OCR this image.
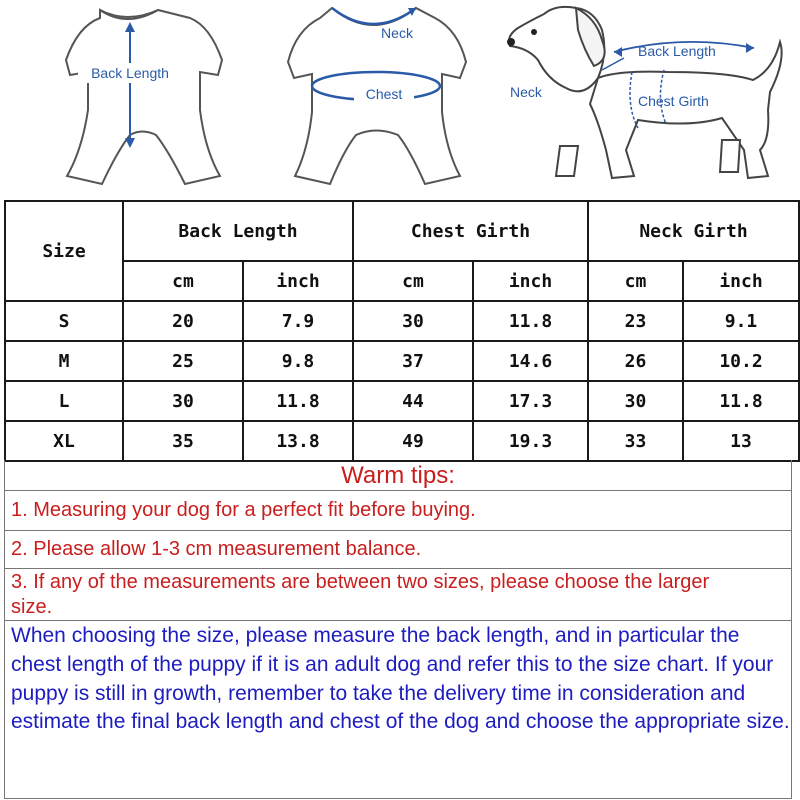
Back Length
Neck
Chest
Back Length
Neck
Chest Girth
Size	Back Length		Chest Girth		Neck Girth	
	cm	inch	cm	inch	cm	inch
S	20	7.9	30	11.8	23	9.1
M	25	9.8	37	14.6	26	10.2
L	30	11.8	44	17.3	30	11.8
XL	35	13.8	49	19.3	33	13
Warm tips:
1. Measuring your dog for a perfect fit before buying.
2. Please allow 1-3 cm measurement balance.
3. If any of the measurements are between two sizes, please choose the larger size.
When choosing the size, please measure the back length, and in particular the chest length of the puppy if it is an adult dog and refer this to the size chart. If your puppy is still in growth, remember to take the delivery time in consideration and estimate the final back length and chest of the dog and choose the appropriate size.
